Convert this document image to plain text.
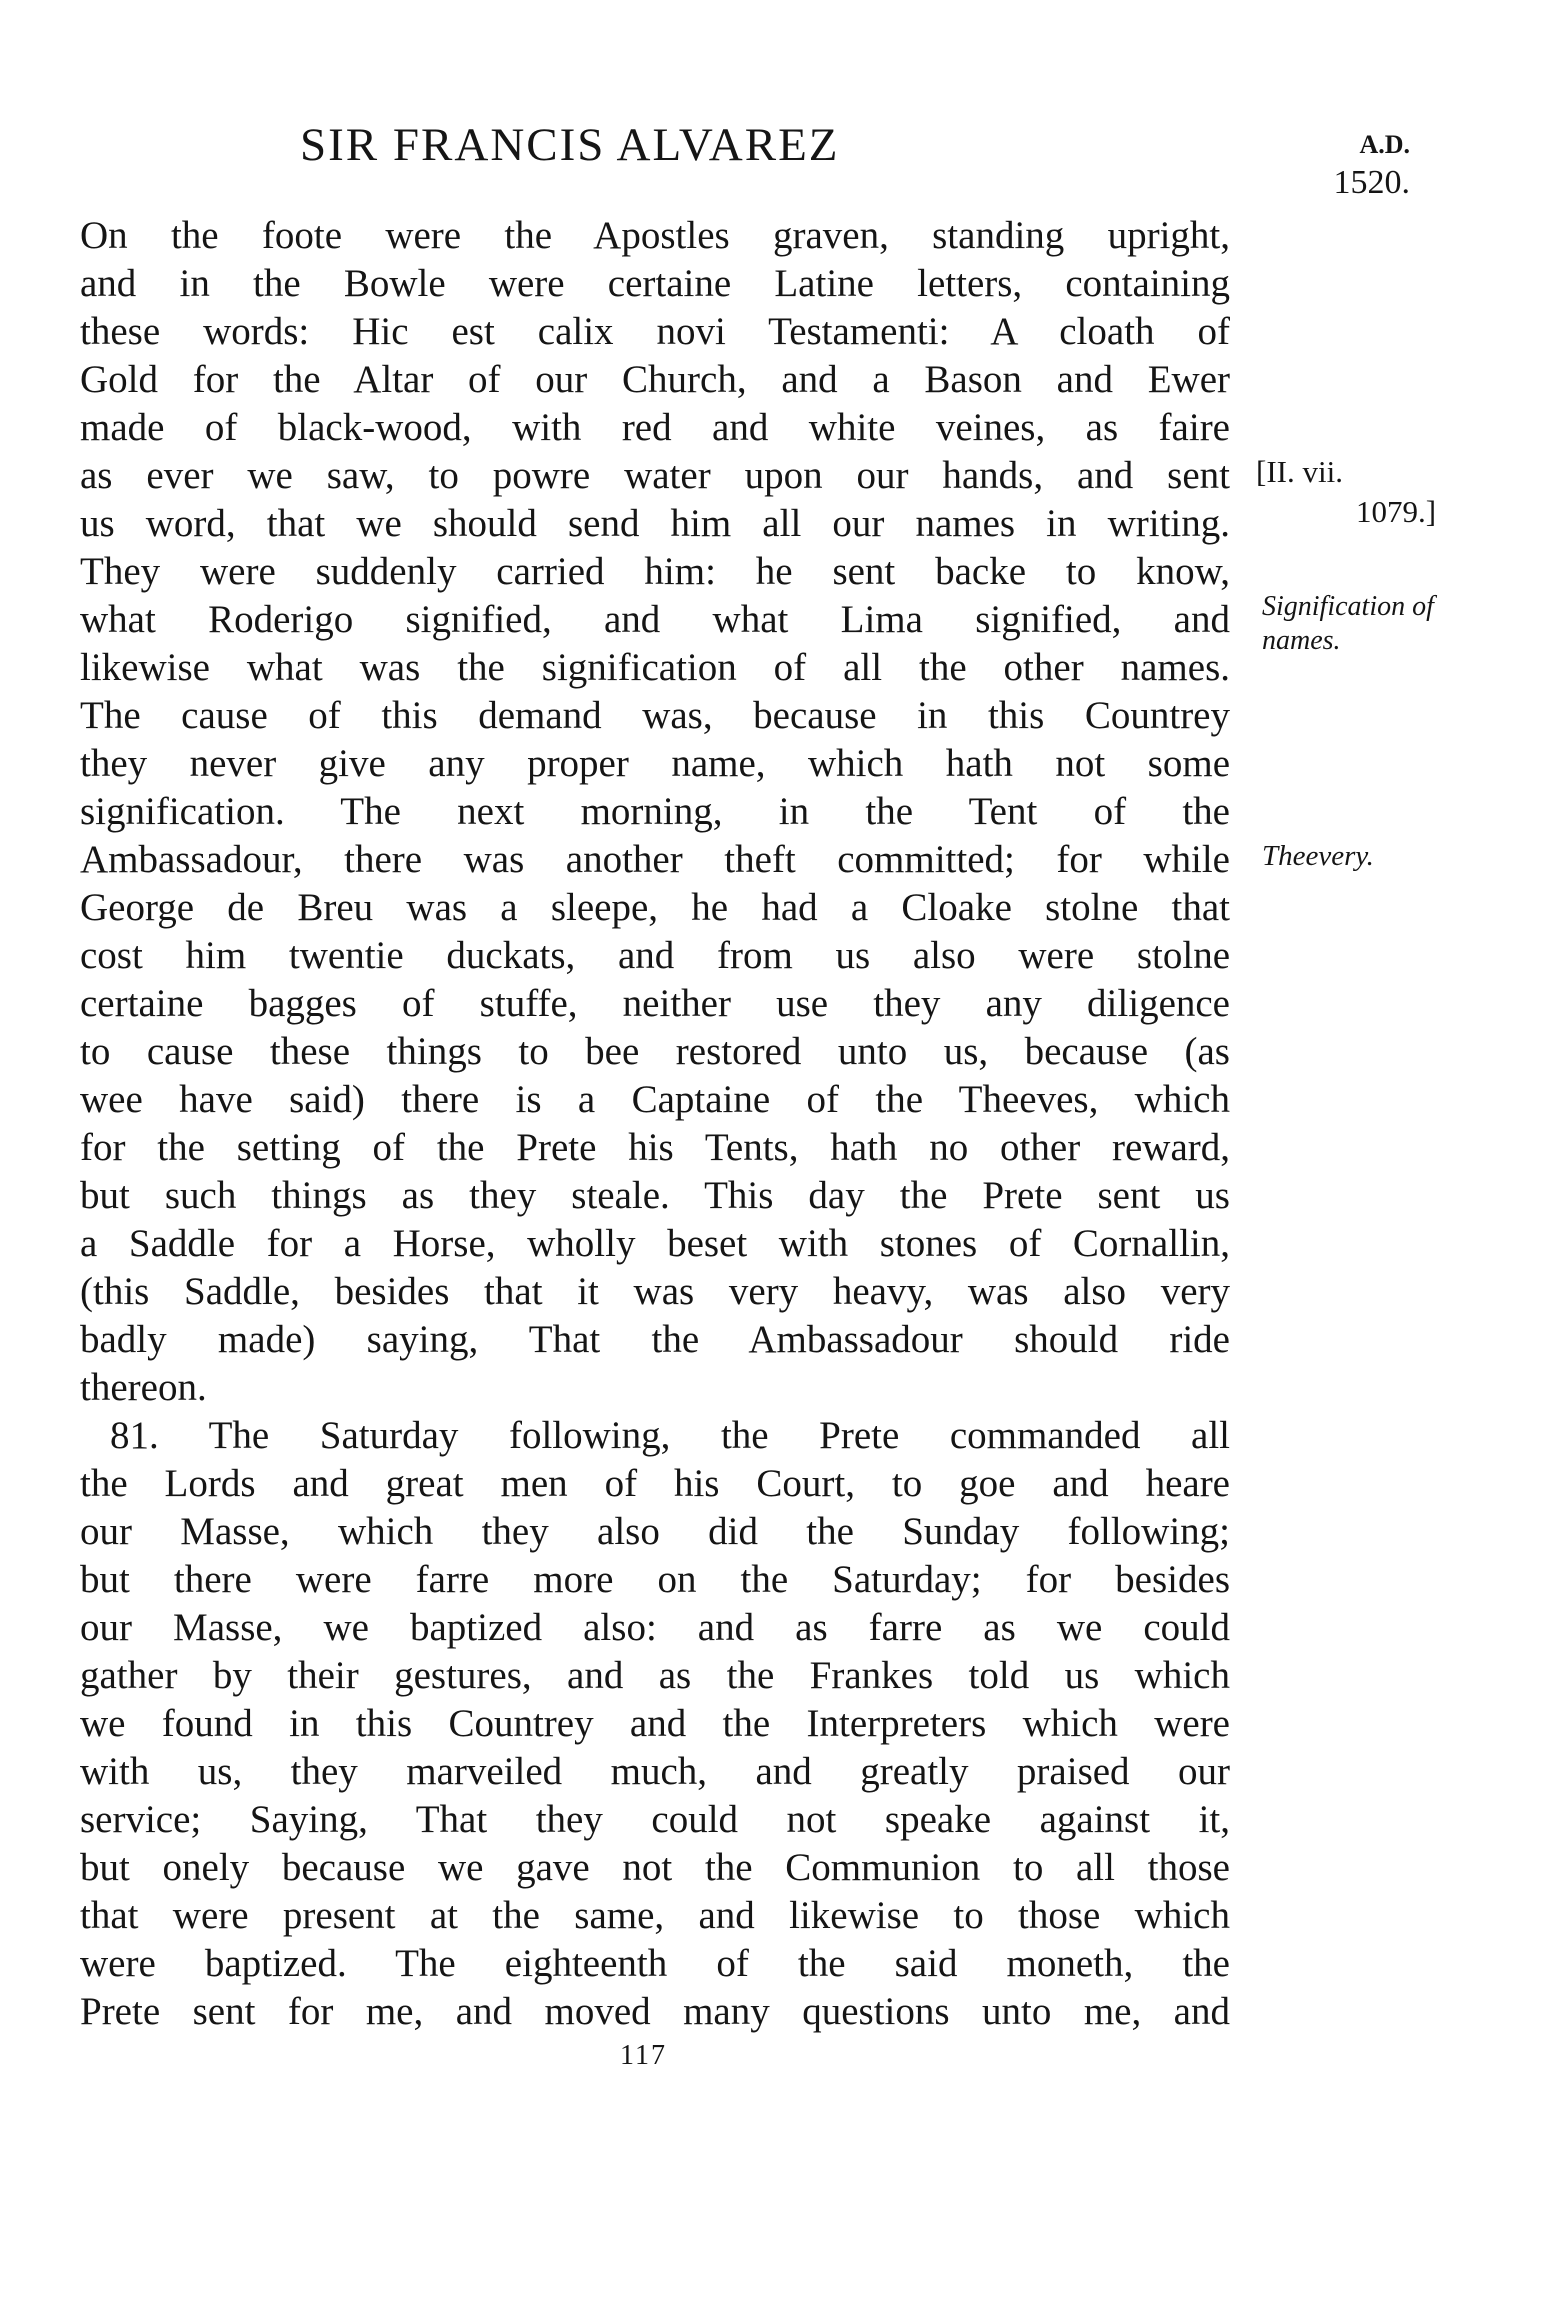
SIR FRANCIS ALVAREZ	A.D.
1520.
On the foote were the Apostles graven, standing upright,
and in the Bowle were certaine Latine letters, containing
these words: Hic est calix novi Testamenti: A cloath of
Gold for the Altar of our Church, and a Bason and Ewer
made of black-wood, with red and white veines, as faire
as ever we saw, to powre water upon our hands, and sent
us word, that we should send him all our names in writing.
They were suddenly carried him: he sent backe to know,
what Roderigo signified, and what Lima signified, and
likewise what was the signification of all the other names.
The cause of this demand was, because in this Countrey
they never give any proper name, which hath not some
signification. The next morning, in the Tent of the
Ambassadour, there was another theft committed; for while
George de Breu was a sleepe, he had a Cloake stolne that
cost him twentie duckats, and from us also were stolne
certaine bagges of stuffe, neither use they any diligence
to cause these things to bee restored unto us, because (as
wee have said) there is a Captaine of the Theeves, which
for the setting of the Prete his Tents, hath no other reward,
but such things as they steale. This day the Prete sent us
a Saddle for a Horse, wholly beset with stones of Cornallin,
(this Saddle, besides that it was very heavy, was also very
badly made) saying, That the Ambassadour should ride
thereon.
81. The Saturday following, the Prete commanded all
the Lords and great men of his Court, to goe and heare
our Masse, which they also did the Sunday following;
but there were farre more on the Saturday; for besides
our Masse, we baptized also: and as farre as we could
gather by their gestures, and as the Frankes told us which
we found in this Countrey and the Interpreters which were
with us, they marveiled much, and greatly praised our
service; Saying, That they could not speake against it,
but onely because we gave not the Communion to all those
that were present at the same, and likewise to those which
were baptized. The eighteenth of the said moneth, the
Prete sent for me, and moved many questions unto me, and
[II. vii.
1079.]
Signification of
names.
Theevery.
117
